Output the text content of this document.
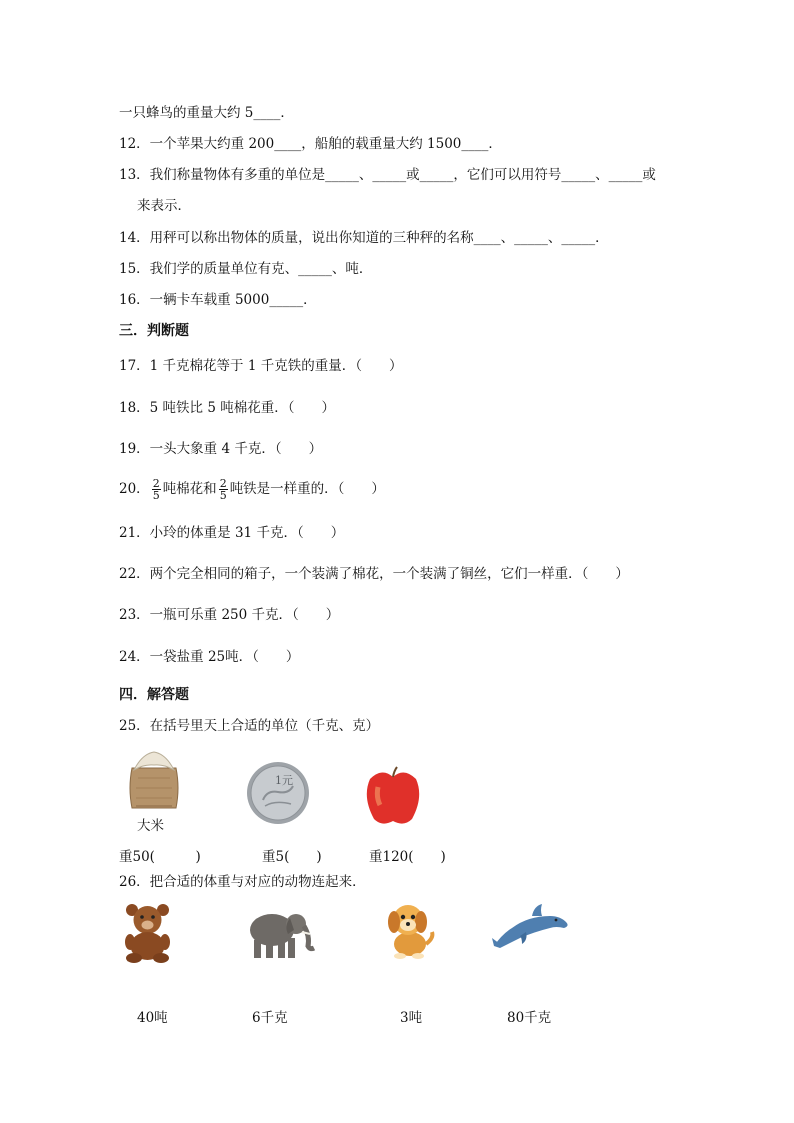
一只蜂鸟的重量大约 5____．
12．一个苹果大约重 200____，船舶的载重量大约 1500____．
13．我们称量物体有多重的单位是_____、_____或_____，它们可以用符号_____、_____或
来表示．
14．用秤可以称出物体的质量，说出你知道的三种秤的名称____、_____、_____．
15．我们学的质量单位有克、_____、吨．
16．一辆卡车载重 5000_____．
三．判断题
17．1 千克棉花等于 1 千克铁的重量．（　　）
18．5 吨铁比 5 吨棉花重．（　　）
19．一头大象重 4 千克．（　　）
20． $\frac{2}{5}$ 吨棉花和 $\frac{2}{5}$ 吨铁是一样重的．（　　）
21．小玲的体重是 31 千克．（　　）
22．两个完全相同的箱子，一个装满了棉花，一个装满了铜丝，它们一样重．（　　）
23．一瓶可乐重 250 千克．（　　）
24．一袋盐重 25吨．（　　）
四．解答题
25．在括号里天上合适的单位（千克、克）
大米
1元
重50(　　　)	重5(　　)	重120(　　)
26．把合适的体重与对应的动物连起来．
40吨	6千克	3吨	80千克
